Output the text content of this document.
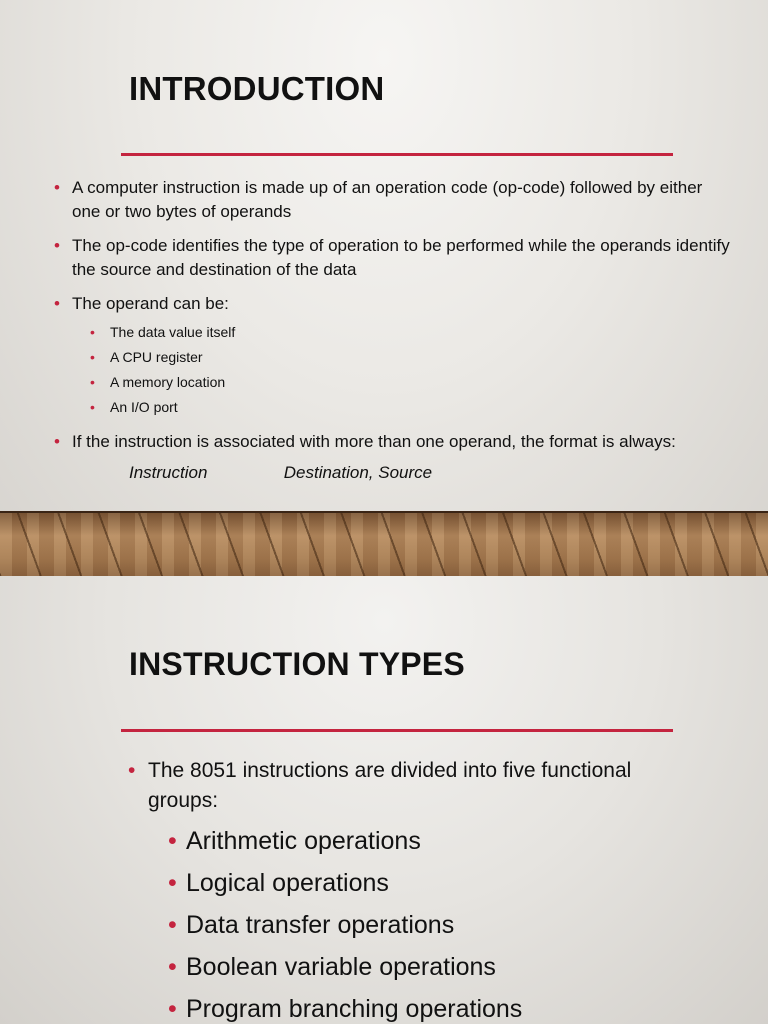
INTRODUCTION
• A computer instruction is made up of an operation code (op-code) followed by either one or two bytes of operands
• The op-code identifies the type of operation to be performed while the operands identify the source and destination of the data
• The operand can be:
• The data value itself
• A CPU register
• A memory location
• An I/O port
• If the instruction is associated with more than one operand, the format is always:
Instruction	Destination, Source
INSTRUCTION TYPES
• The 8051 instructions are divided into five functional groups:
• Arithmetic operations
• Logical operations
• Data transfer operations
• Boolean variable operations
• Program branching operations
